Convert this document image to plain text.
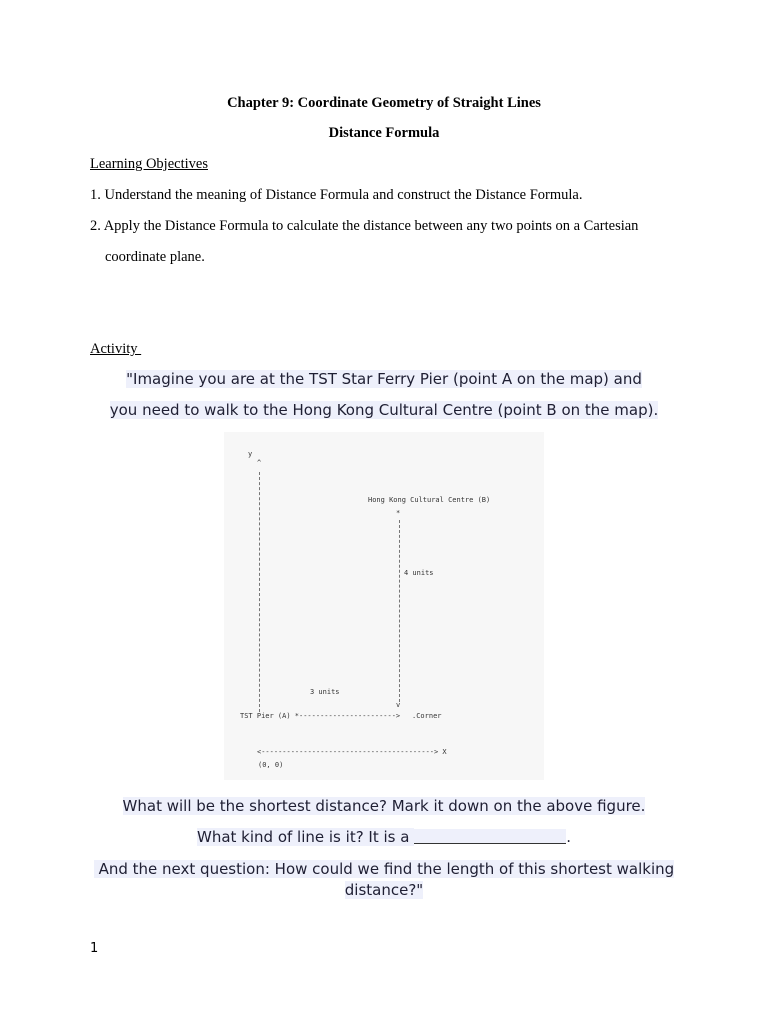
Chapter 9: Coordinate Geometry of Straight Lines
Distance Formula
Learning Objectives
1. Understand the meaning of Distance Formula and construct the Distance Formula.
2. Apply the Distance Formula to calculate the distance between any two points on a Cartesian
coordinate plane.
Activity
"Imagine you are at the TST Star Ferry Pier (point A on the map) and
you need to walk to the Hong Kong Cultural Centre (point B on the map).
y
^
Hong Kong Cultural Centre (B)
*
4 units
v
3 units
TST Pier (A) *-----------------------> .Corner
<-----------------------------------------> X
(0, 0)
What will be the shortest distance? Mark it down on the above figure.
What kind of line is it? It is a	.
And the next question: How could we find the length of this shortest walking
distance?"
1
